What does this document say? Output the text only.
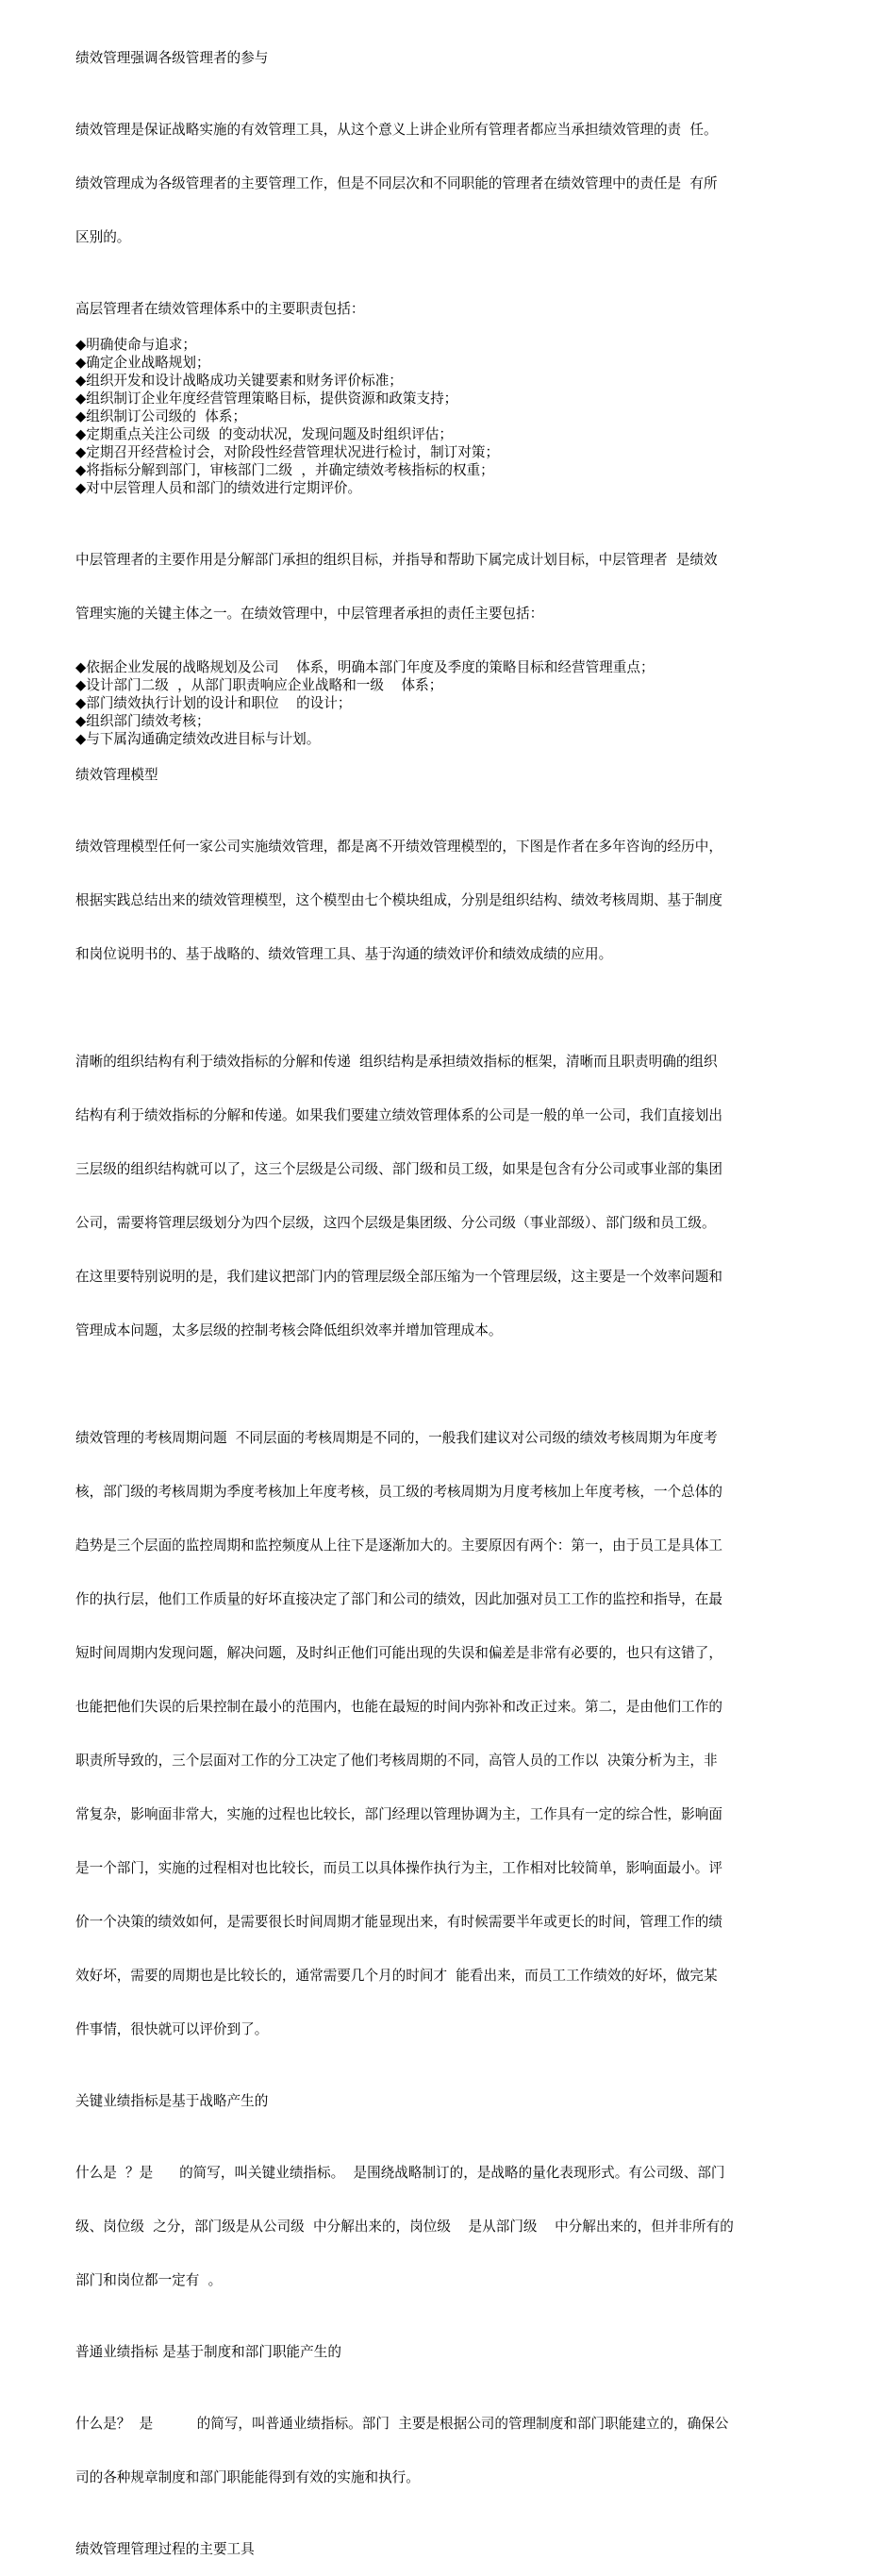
绩效管理强调各级管理者的参与

绩效管理是保证战略实施的有效管理工具，从这个意义上讲企业所有管理者都应当承担绩效管理的责  任。

绩效管理成为各级管理者的主要管理工作，但是不同层次和不同职能的管理者在绩效管理中的责任是  有所

区别的。

高层管理者在绩效管理体系中的主要职责包括：
◆明确使命与追求；
◆确定企业战略规划；
◆组织开发和设计战略成功关键要素和财务评价标准；
◆组织制订企业年度经营管理策略目标，提供资源和政策支持；
◆组织制订公司级的  体系；
◆定期重点关注公司级  的变动状况，发现问题及时组织评估；
◆定期召开经营检讨会，对阶段性经营管理状况进行检讨，制订对策；
◆将指标分解到部门，审核部门二级  ，并确定绩效考核指标的权重；
◆对中层管理人员和部门的绩效进行定期评价。

中层管理者的主要作用是分解部门承担的组织目标，并指导和帮助下属完成计划目标，中层管理者  是绩效

管理实施的关键主体之一。在绩效管理中，中层管理者承担的责任主要包括：

◆依据企业发展的战略规划及公司    体系，明确本部门年度及季度的策略目标和经营管理重点；
◆设计部门二级  ，从部门职责响应企业战略和一级    体系；
◆部门绩效执行计划的设计和职位    的设计；
◆组织部门绩效考核；
◆与下属沟通确定绩效改进目标与计划。
绩效管理模型

绩效管理模型任何一家公司实施绩效管理，都是离不开绩效管理模型的，下图是作者在多年咨询的经历中，

根据实践总结出来的绩效管理模型，这个模型由七个模块组成，分别是组织结构、绩效考核周期、基于制度

和岗位说明书的、基于战略的、绩效管理工具、基于沟通的绩效评价和绩效成绩的应用。

清晰的组织结构有利于绩效指标的分解和传递  组织结构是承担绩效指标的框架，清晰而且职责明确的组织

结构有利于绩效指标的分解和传递。如果我们要建立绩效管理体系的公司是一般的单一公司，我们直接划出

三层级的组织结构就可以了，这三个层级是公司级、部门级和员工级，如果是包含有分公司或事业部的集团

公司，需要将管理层级划分为四个层级，这四个层级是集团级、分公司级（事业部级）、部门级和员工级。

在这里要特别说明的是，我们建议把部门内的管理层级全部压缩为一个管理层级，这主要是一个效率问题和

管理成本问题，太多层级的控制考核会降低组织效率并增加管理成本。

绩效管理的考核周期问题  不同层面的考核周期是不同的，一般我们建议对公司级的绩效考核周期为年度考

核，部门级的考核周期为季度考核加上年度考核，员工级的考核周期为月度考核加上年度考核，一个总体的

趋势是三个层面的监控周期和监控频度从上往下是逐渐加大的。主要原因有两个：第一，由于员工是具体工

作的执行层，他们工作质量的好坏直接决定了部门和公司的绩效，因此加强对员工工作的监控和指导，在最

短时间周期内发现问题，解决问题，及时纠正他们可能出现的失误和偏差是非常有必要的，也只有这错了，

也能把他们失误的后果控制在最小的范围内，也能在最短的时间内弥补和改正过来。第二，是由他们工作的

职责所导致的，三个层面对工作的分工决定了他们考核周期的不同，高管人员的工作以  决策分析为主，非

常复杂，影响面非常大，实施的过程也比较长，部门经理以管理协调为主，工作具有一定的综合性，影响面

是一个部门，实施的过程相对也比较长，而员工以具体操作执行为主，工作相对比较简单，影响面最小。评

价一个决策的绩效如何，是需要很长时间周期才能显现出来，有时候需要半年或更长的时间，管理工作的绩

效好坏，需要的周期也是比较长的，通常需要几个月的时间才  能看出来，而员工工作绩效的好坏，做完某

件事情，很快就可以评价到了。

关键业绩指标是基于战略产生的

什么是  ？是      的简写，叫关键业绩指标。  是围绕战略制订的，是战略的量化表现形式。有公司级、部门

级、岗位级  之分，部门级是从公司级  中分解出来的，岗位级    是从部门级    中分解出来的，但并非所有的

部门和岗位都一定有  。

普通业绩指标 是基于制度和部门职能产生的

什么是？  是          的简写，叫普通业绩指标。部门  主要是根据公司的管理制度和部门职能建立的，确保公

司的各种规章制度和部门职能能得到有效的实施和执行。

绩效管理管理过程的主要工具
